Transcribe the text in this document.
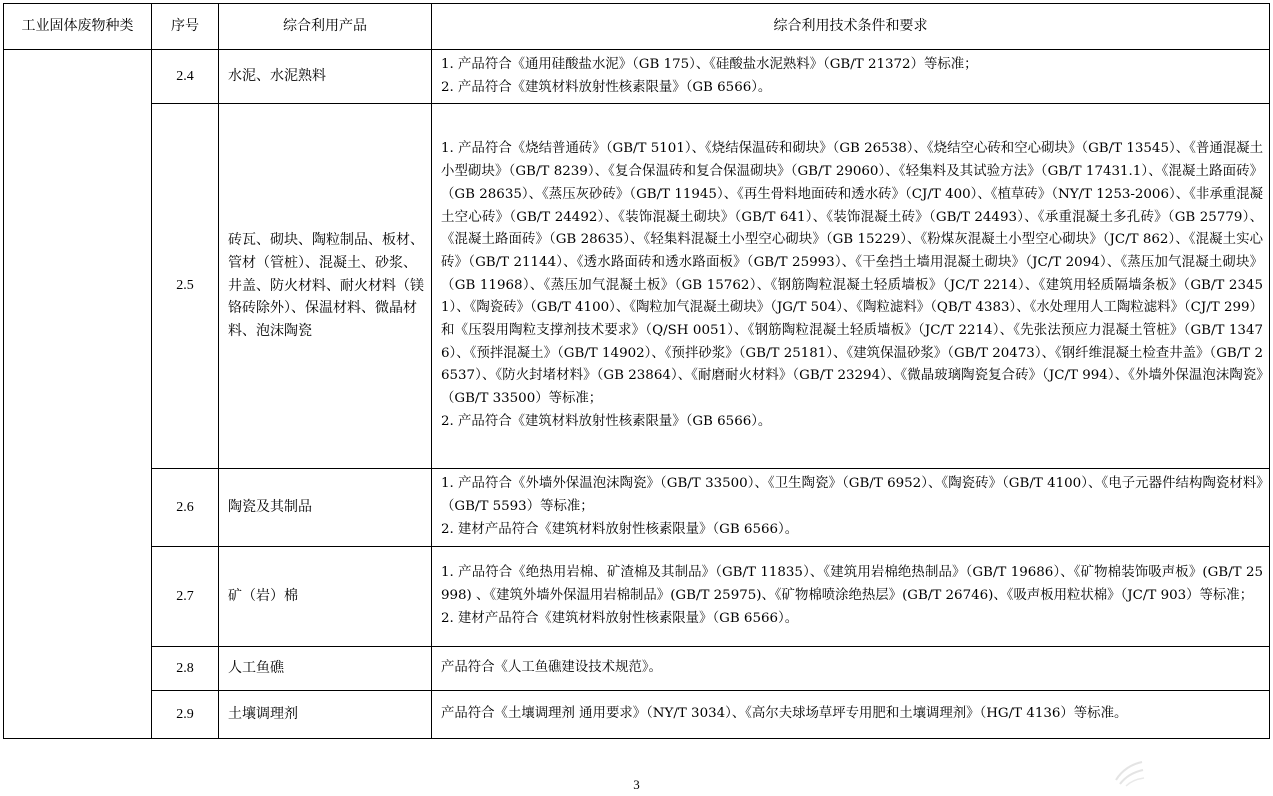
工业固体废物种类	序号	综合利用产品	综合利用技术条件和要求
	2.4	水泥、水泥熟料	1. 产品符合《通用硅酸盐水泥》（GB 175）、《硅酸盐水泥熟料》（GB/T 21372）等标准；
2. 产品符合《建筑材料放射性核素限量》（GB 6566）。

	2.5	砖瓦、砌块、陶粒制品、板材、管材（管桩）、混凝土、砂浆、井盖、防火材料、耐火材料（镁铬砖除外）、保温材料、微晶材料、泡沫陶瓷	1. 产品符合《烧结普通砖》（GB/T 5101）、《烧结保温砖和砌块》（GB 26538）、《烧结空心砖和空心砌块》（GB/T 13545）、《普通混凝土小型砌块》（GB/T 8239）、《复合保温砖和复合保温砌块》（GB/T 29060）、《轻集料及其试验方法》（GB/T 17431.1）、《混凝土路面砖》（GB 28635）、《蒸压灰砂砖》（GB/T 11945）、《再生骨料地面砖和透水砖》（CJ/T 400）、《植草砖》（NY/T 1253-2006）、《非承重混凝土空心砖》（GB/T 24492）、《装饰混凝土砌块》（GB/T 641）、《装饰混凝土砖》（GB/T 24493）、《承重混凝土多孔砖》（GB 25779）、《混凝土路面砖》（GB 28635）、《轻集料混凝土小型空心砌块》（GB 15229）、《粉煤灰混凝土小型空心砌块》（JC/T 862）、《混凝土实心砖》（GB/T 21144）、《透水路面砖和透水路面板》（GB/T 25993）、《干垒挡土墙用混凝土砌块》（JC/T 2094）、《蒸压加气混凝土砌块》（GB 11968）、《蒸压加气混凝土板》（GB 15762）、《钢筋陶粒混凝土轻质墙板》（JC/T 2214）、《建筑用轻质隔墙条板》（GB/T 23451）、《陶瓷砖》（GB/T 4100）、《陶粒加气混凝土砌块》（JG/T 504）、《陶粒滤料》（QB/T 4383）、《水处理用人工陶粒滤料》（CJ/T 299）和《压裂用陶粒支撑剂技术要求》（Q/SH 0051）、《钢筋陶粒混凝土轻质墙板》（JC/T 2214）、《先张法预应力混凝土管桩》（GB/T 13476）、《预拌混凝土》（GB/T 14902）、《预拌砂浆》（GB/T 25181）、《建筑保温砂浆》（GB/T 20473）、《钢纤维混凝土检查井盖》（GB/T 26537）、《防火封堵材料》（GB 23864）、《耐磨耐火材料》（GB/T 23294）、《微晶玻璃陶瓷复合砖》（JC/T 994）、《外墙外保温泡沫陶瓷》（GB/T 33500）等标准；
2. 产品符合《建筑材料放射性核素限量》（GB 6566）。

	2.6	陶瓷及其制品	1. 产品符合《外墙外保温泡沫陶瓷》（GB/T 33500）、《卫生陶瓷》（GB/T 6952）、《陶瓷砖》（GB/T 4100）、《电子元器件结构陶瓷材料》（GB/T 5593）等标准；
2. 建材产品符合《建筑材料放射性核素限量》（GB 6566）。

	2.7	矿（岩）棉	1. 产品符合《绝热用岩棉、矿渣棉及其制品》（GB/T 11835）、《建筑用岩棉绝热制品》（GB/T 19686）、《矿物棉装饰吸声板》(GB/T 25998) 、《建筑外墙外保温用岩棉制品》(GB/T 25975)、《矿物棉喷涂绝热层》(GB/T 26746)、《吸声板用粒状棉》（JC/T 903）等标准；
2. 建材产品符合《建筑材料放射性核素限量》（GB 6566）。

	2.8	人工鱼礁	产品符合《人工鱼礁建设技术规范》。

	2.9	土壤调理剂	产品符合《土壤调理剂 通用要求》（NY/T 3034）、《高尔夫球场草坪专用肥和土壤调理剂》（HG/T 4136）等标准。
3
